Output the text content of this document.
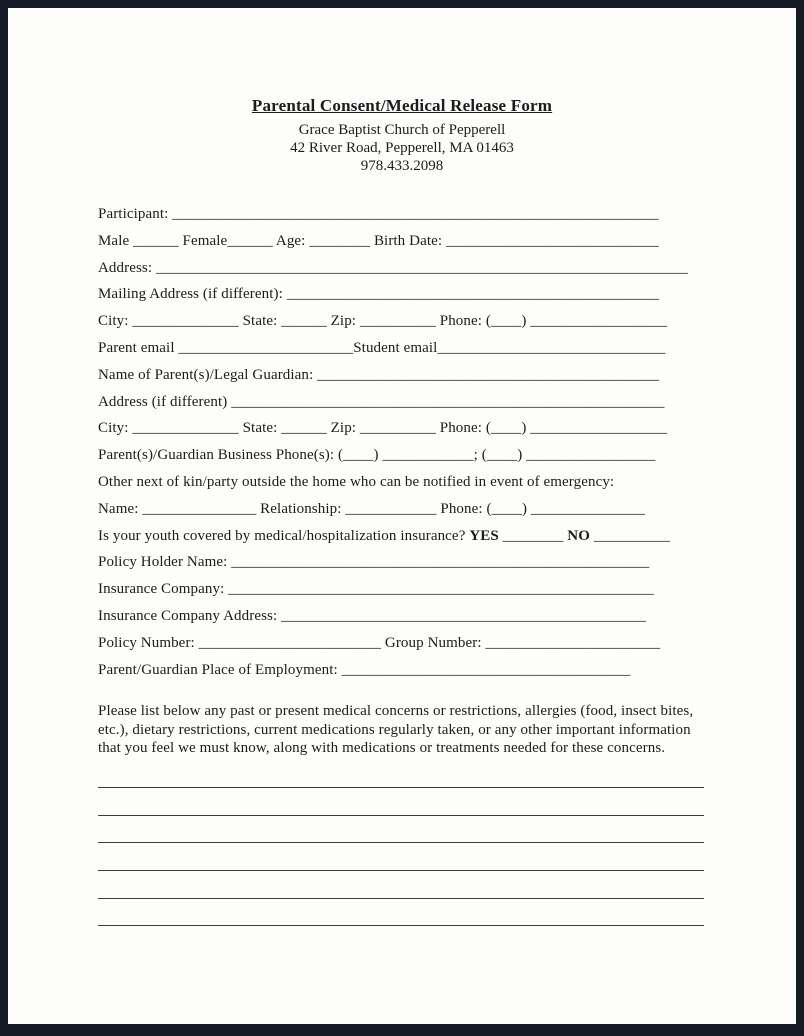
Parental Consent/Medical Release Form
Grace Baptist Church of Pepperell
42 River Road, Pepperell, MA 01463
978.433.2098
Participant: ________________________________________________________________
Male ______ Female______ Age: ________ Birth Date: ____________________________
Address: ______________________________________________________________________
Mailing Address (if different): _________________________________________________
City: ______________ State: ______ Zip: __________ Phone: (____) __________________
Parent email _______________________Student email______________________________
Name of Parent(s)/Legal Guardian: _____________________________________________
Address (if different) _________________________________________________________
City: ______________ State: ______ Zip: __________ Phone: (____) __________________
Parent(s)/Guardian Business Phone(s): (____) ____________; (____) _________________
Other next of kin/party outside the home who can be notified in event of emergency:
Name: _______________ Relationship: ____________ Phone: (____) _______________
Is your youth covered by medical/hospitalization insurance? YES ________ NO __________
Policy Holder Name: _______________________________________________________
Insurance Company: ________________________________________________________
Insurance Company Address: ________________________________________________
Policy Number: ________________________ Group Number: _______________________
Parent/Guardian Place of Employment: ______________________________________

Please list below any past or present medical concerns or restrictions, allergies (food, insect bites, etc.), dietary restrictions, current medications regularly taken, or any other important information that you feel we must know, along with medications or treatments needed for these concerns.
